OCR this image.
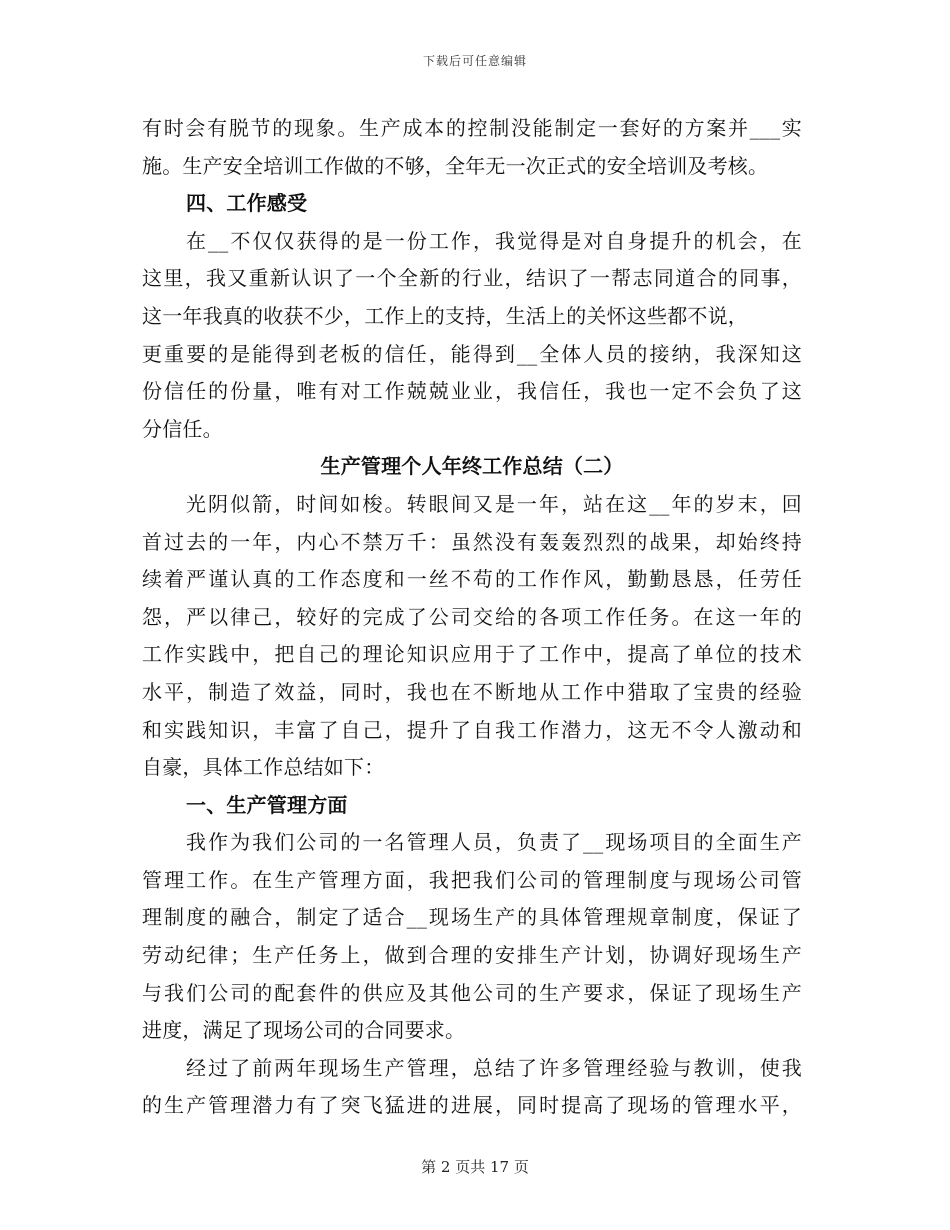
下载后可任意编辑
有时会有脱节的现象。生产成本的控制没能制定一套好的方案并___实
施。生产安全培训工作做的不够，全年无一次正式的安全培训及考核。
四、工作感受
在__不仅仅获得的是一份工作，我觉得是对自身提升的机会，在
这里，我又重新认识了一个全新的行业，结识了一帮志同道合的同事，
这一年我真的收获不少，工作上的支持，生活上的关怀这些都不说，
更重要的是能得到老板的信任，能得到__全体人员的接纳，我深知这
份信任的份量，唯有对工作兢兢业业，我信任，我也一定不会负了这
分信任。
生产管理个人年终工作总结（二）
光阴似箭，时间如梭。转眼间又是一年，站在这__年的岁末，回
首过去的一年，内心不禁万千：虽然没有轰轰烈烈的战果，却始终持
续着严谨认真的工作态度和一丝不苟的工作作风，勤勤恳恳，任劳任
怨，严以律己，较好的完成了公司交给的各项工作任务。在这一年的
工作实践中，把自己的理论知识应用于了工作中，提高了单位的技术
水平，制造了效益，同时，我也在不断地从工作中猎取了宝贵的经验
和实践知识，丰富了自己，提升了自我工作潜力，这无不令人激动和
自豪，具体工作总结如下：
一、生产管理方面
我作为我们公司的一名管理人员，负责了__现场项目的全面生产
管理工作。在生产管理方面，我把我们公司的管理制度与现场公司管
理制度的融合，制定了适合__现场生产的具体管理规章制度，保证了
劳动纪律；生产任务上，做到合理的安排生产计划，协调好现场生产
与我们公司的配套件的供应及其他公司的生产要求，保证了现场生产
进度，满足了现场公司的合同要求。
经过了前两年现场生产管理，总结了许多管理经验与教训，使我
的生产管理潜力有了突飞猛进的进展，同时提高了现场的管理水平，
第 2 页共 17 页
